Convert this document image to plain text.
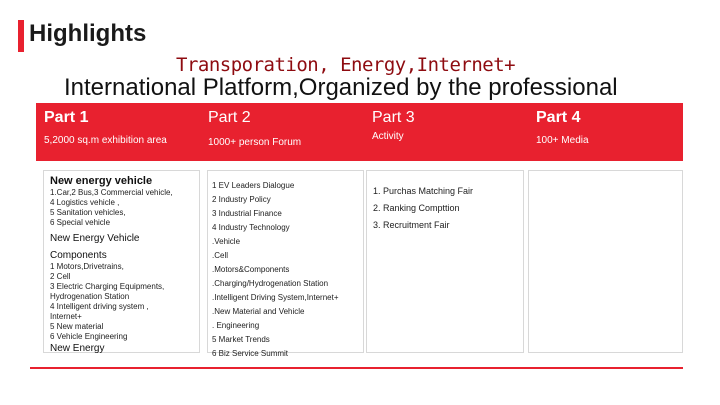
Highlights
Transporation, Energy,Internet+
International Platform,Organized by the professional
Part 1
5,2000 sq.m exhibition area
Part 2
1000+ person Forum
Part 3
Activity
Part 4
100+ Media
New energy vehicle
1.Car,2 Bus,3 Commercial vehicle,
4 Logistics vehicle ,
5 Sanitation vehicles,
6 Special vehicle
New Energy Vehicle
Components
1 Motors,Drivetrains,
2 Cell
3 Electric Charging Equipments,
Hydrogenation Station
4 Intelligent driving system ,
Internet+
5 New material
6 Vehicle Engineering
New Energy
1 EV Leaders Dialogue
2 Industry Policy
3 Industrial Finance
4 Industry Technology
.Vehicle
.Cell
.Motors&Components
.Charging/Hydrogenation Station
.Intelligent Driving System,Internet+
.New Material and Vehicle
. Engineering
5 Market Trends
6 Biz Service Summit
1. Purchas Matching Fair
2. Ranking Compttion
3. Recruitment Fair
